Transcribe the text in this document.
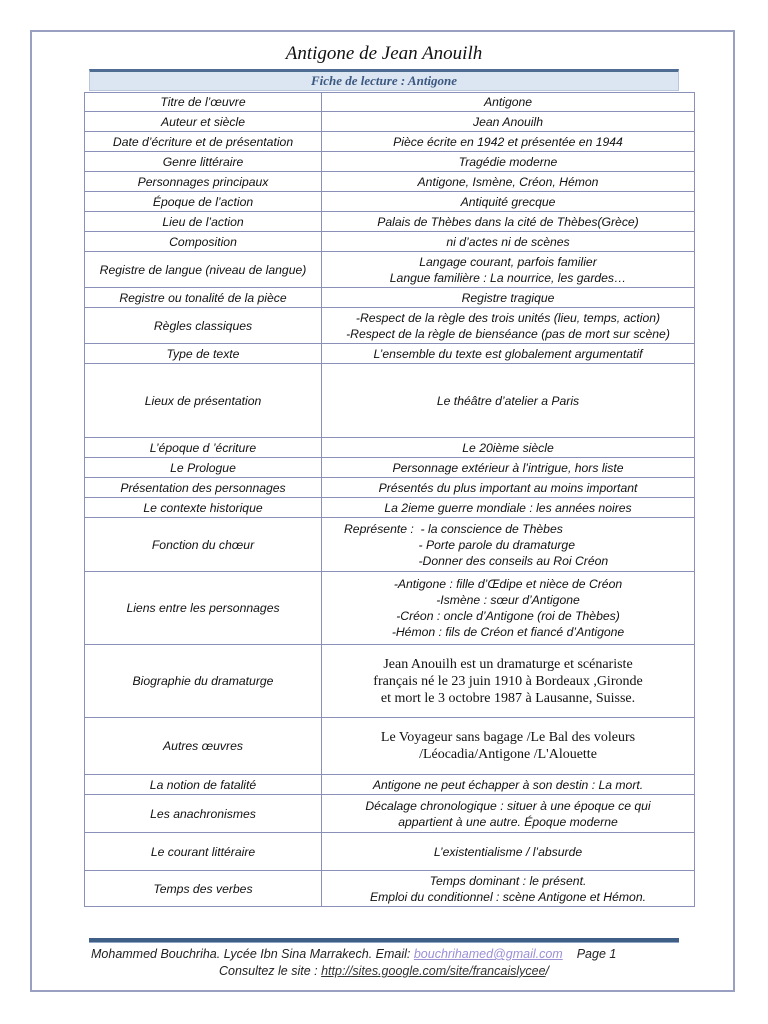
Antigone de Jean Anouilh
Fiche de lecture : Antigone
Titre de l’œuvre	Antigone

Auteur et siècle	Jean Anouilh

Date d’écriture et de présentation	Pièce écrite en 1942 et présentée en 1944

Genre littéraire	Tragédie moderne

Personnages principaux	Antigone, Ismène, Créon, Hémon

Époque de l’action	Antiquité grecque

Lieu de l’action	Palais de Thèbes dans la cité de Thèbes(Grèce)

Composition	ni d’actes ni de scènes

Registre de langue (niveau de langue)	Langage courant, parfois familier
Langue familière : La nourrice, les gardes…

Registre ou tonalité de la pièce	Registre tragique

Règles classiques	-Respect de la règle des trois unités (lieu, temps, action)
-Respect de la règle de bienséance (pas de mort sur scène)

Type de texte	L’ensemble du texte est globalement argumentatif

Lieux de présentation	Le théâtre d’atelier a Paris

L’époque d ’écriture	Le 20ième siècle

Le Prologue	Personnage extérieur à l’intrigue, hors liste

Présentation des personnages	Présentés du plus important au moins important

Le contexte historique	La 2ieme guerre mondiale : les années noires

Fonction du chœur	Représente :  - la conscience de Thèbes
- Porte parole du dramaturge
-Donner des conseils au Roi Créon

Liens entre les personnages	-Antigone : fille d’Œdipe et nièce de Créon
-Ismène : sœur d’Antigone
-Créon : oncle d’Antigone (roi de Thèbes)
-Hémon : fils de Créon et fiancé d’Antigone

Biographie du dramaturge	Jean Anouilh est un dramaturge et scénariste
français né le 23 juin 1910 à Bordeaux ,Gironde
et mort le 3 octobre 1987 à Lausanne, Suisse.

Autres œuvres	Le Voyageur sans bagage /Le Bal des voleurs
/Léocadia/Antigone /L'Alouette

La notion de fatalité	Antigone ne peut échapper à son destin : La mort.

Les anachronismes	Décalage chronologique : situer à une époque ce qui
appartient à une autre. Époque moderne

Le courant littéraire	L’existentialisme / l’absurde

Temps des verbes	Temps dominant : le présent.
Emploi du conditionnel : scène Antigone et Hémon.
Mohammed Bouchriha. Lycée Ibn Sina Marrakech. Email: bouchrihamed@gmail.com Page 1
Consultez le site : http://sites.google.com/site/francaislycee/
